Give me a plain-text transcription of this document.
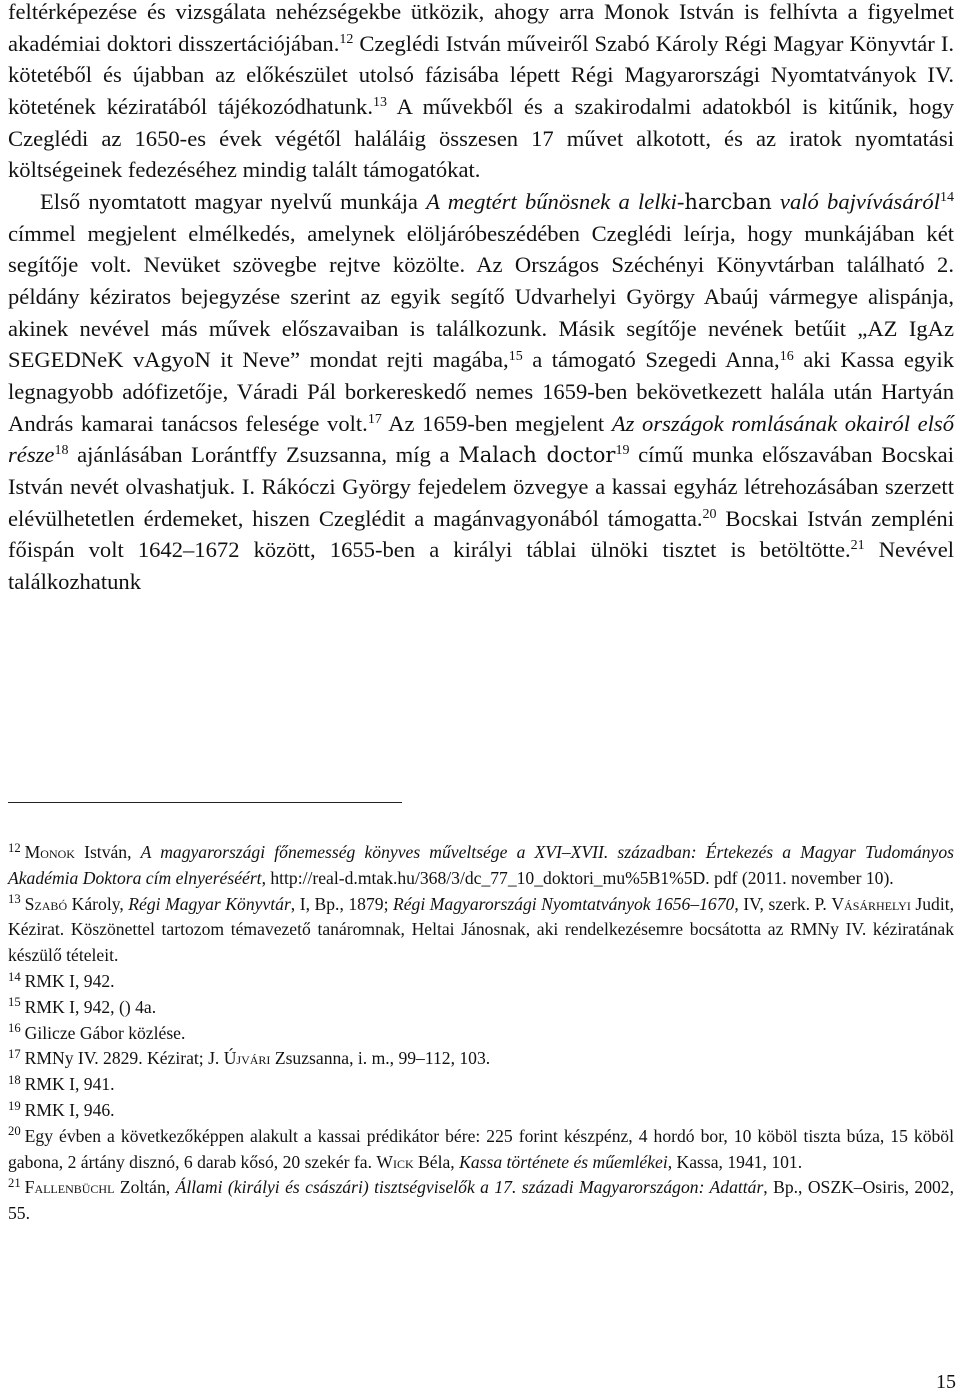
feltérképezése és vizsgálata nehézségekbe ütközik, ahogy arra Monok István is felhívta a figyelmet akadémiai doktori disszertációjában.$^{12}$ Czeglédi István műveiről Szabó Károly Régi Magyar Könyvtár I. kötetéből és újabban az előkészület utolsó fázisába lépett Régi Magyarországi Nyomtatványok IV. kötetének kéziratából tájékozódhatunk.$^{13}$ A művekből és a szakirodalmi adatokból is kitűnik, hogy Czeglédi az 1650-es évek végétől haláláig összesen 17 művet alkotott, és az iratok nyomtatási költségeinek fedezéséhez mindig talált támogatókat.

Első nyomtatott magyar nyelvű munkája A megtért bűnösnek a lelki-harcban való bajvívásáról$^{14}$ címmel megjelent elmélkedés, amelynek elöljáróbeszédében Czeglédi leírja, hogy munkájában két segítője volt. Nevüket szövegbe rejtve közölte. Az Országos Széchényi Könyvtárban található 2. példány kéziratos bejegyzése szerint az egyik segítő Udvarhelyi György Abaúj vármegye alispánja, akinek nevével más művek előszavaiban is találkozunk. Másik segítője nevének betűit „AZ IgAz SEGEDNeK vAgyoN it Neve” mondat rejti magába,$^{15}$ a támogató Szegedi Anna,$^{16}$ aki Kassa egyik legnagyobb adófizetője, Váradi Pál borkereskedő nemes 1659-ben bekövetkezett halála után Hartyán András kamarai tanácsos felesége volt.$^{17}$ Az 1659-ben megjelent Az országok romlásának okairól első része$^{18}$ ajánlásában Lorántffy Zsuzsanna, míg a Malach doctor$^{19}$ című munka előszavában Bocskai István nevét olvashatjuk. I. Rákóczi György fejedelem özvegye a kassai egyház létrehozásában szerzett elévülhetetlen érdemeket, hiszen Czeglédit a magánvagyonából támogatta.$^{20}$ Bocskai István zempléni főispán volt 1642–1672 között, 1655-ben a királyi táblai ülnöki tisztet is betöltötte.$^{21}$ Nevével találkozhatunk

$^{12}$ Monok István, A magyarországi főnemesség könyves műveltsége a XVI–XVII. században: Értekezés a Magyar Tudományos Akadémia Doktora cím elnyeréséért, http://real-d.mtak.hu/368/3/dc_77_10_doktori_mu%5B1%5D. pdf (2011. november 10).

$^{13}$ Szabó Károly, Régi Magyar Könyvtár, I, Bp., 1879; Régi Magyarországi Nyomtatványok 1656–1670, IV, szerk. P. Vásárhelyi Judit, Kézirat. Köszönettel tartozom témavezető tanáromnak, Heltai Jánosnak, aki rendelkezésemre bocsátotta az RMNy IV. kéziratának készülő tételeit.

$^{14}$ RMK I, 942.

$^{15}$ RMK I, 942, () 4a.

$^{16}$ Gilicze Gábor közlése.

$^{17}$ RMNy IV. 2829. Kézirat; J. Újvári Zsuzsanna, i. m., 99–112, 103.

$^{18}$ RMK I, 941.

$^{19}$ RMK I, 946.

$^{20}$ Egy évben a következőképpen alakult a kassai prédikátor bére: 225 forint készpénz, 4 hordó bor, 10 köböl tiszta búza, 15 köböl gabona, 2 ártány disznó, 6 darab kősó, 20 szekér fa. Wick Béla, Kassa története és műemlékei, Kassa, 1941, 101.

$^{21}$ Fallenbüchl Zoltán, Állami (királyi és császári) tisztségviselők a 17. századi Magyarországon: Adattár, Bp., OSZK–Osiris, 2002, 55.

15
